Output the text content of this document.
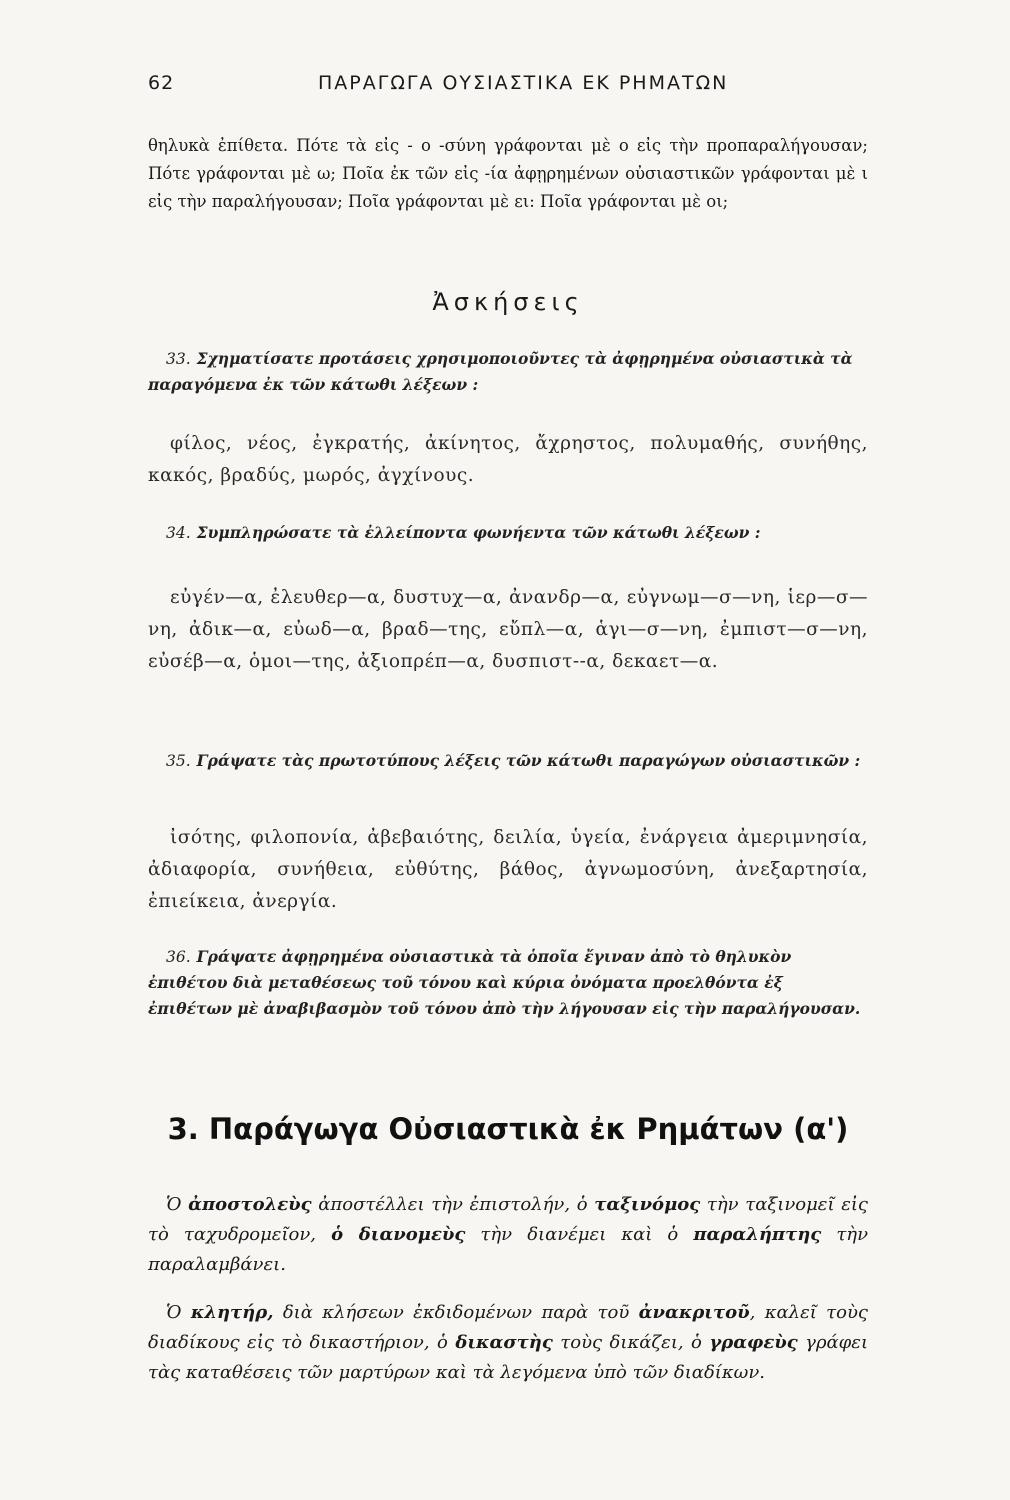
62	ΠΑΡΑΓΩΓΑ ΟΥΣΙΑΣΤΙΚΑ ΕΚ ΡΗΜΑΤΩΝ
θηλυκὰ ἐπίθετα. Πότε τὰ εἰς - ο -σύνη γράφονται μὲ ο εἰς τὴν προπαραλήγουσαν; Πότε γράφονται μὲ ω; Ποῖα ἐκ τῶν εἰς -ία ἀφῃρημένων οὐσιαστικῶν γράφονται μὲ ι εἰς τὴν παραλήγουσαν; Ποῖα γράφονται μὲ ει: Ποῖα γράφονται μὲ οι;
Ἀσκήσεις
33. Σχηματίσατε προτάσεις χρησιμοποιοῦντες τὰ ἀφῃρημένα οὐσιαστικὰ τὰ παραγόμενα ἐκ τῶν κάτωθι λέξεων :
φίλος, νέος, ἐγκρατής, ἀκίνητος, ἄχρηστος, πολυμαθής, συνήθης, κακός, βραδύς, μωρός, ἀγχίνους.
34. Συμπληρώσατε τὰ ἐλλείποντα φωνήεντα τῶν κάτωθι λέξεων :
εὐγέν—α, ἐλευθερ—α, δυστυχ—α, ἀνανδρ—α, εὐγνωμ—σ—νη, ἱερ—σ—νη, ἀδικ—α, εὐωδ—α, βραδ—της, εὔπλ—α, ἁγι—σ—νη, ἐμπιστ—σ—νη, εὐσέβ—α, ὁμοι—της, ἀξιοπρέπ—α, δυσπιστ--α, δεκαετ—α.
35. Γράψατε τὰς πρωτοτύπους λέξεις τῶν κάτωθι παραγώγων οὐσιαστικῶν :
ἰσότης, φιλοπονία, ἀβεβαιότης, δειλία, ὑγεία, ἐνάργεια ἀμεριμνησία, ἀδιαφορία, συνήθεια, εὐθύτης, βάθος, ἀγνωμοσύνη, ἀνεξαρτησία, ἐπιείκεια, ἀνεργία.
36. Γράψατε ἀφῃρημένα οὐσιαστικὰ τὰ ὁποῖα ἔγιναν ἀπὸ τὸ θηλυκὸν ἐπιθέτου διὰ μεταθέσεως τοῦ τόνου καὶ κύρια ὀνόματα προελθόντα ἐξ ἐπιθέτων μὲ ἀναβιβασμὸν τοῦ τόνου ἀπὸ τὴν λήγουσαν εἰς τὴν παραλήγουσαν.
3. Παράγωγα Οὐσιαστικὰ ἐκ Ρημάτων (α')
Ὁ ἀποστολεὺς ἀποστέλλει τὴν ἐπιστολήν, ὁ ταξινόμος τὴν ταξινομεῖ εἰς τὸ ταχυδρομεῖον, ὁ διανομεὺς τὴν διανέμει καὶ ὁ παραλήπτης τὴν παραλαμβάνει.
Ὁ κλητήρ, διὰ κλήσεων ἐκδιδομένων παρὰ τοῦ ἀνακριτοῦ, καλεῖ τοὺς διαδίκους εἰς τὸ δικαστήριον, ὁ δικαστὴς τοὺς δικάζει, ὁ γραφεὺς γράφει τὰς καταθέσεις τῶν μαρτύρων καὶ τὰ λεγόμενα ὑπὸ τῶν διαδίκων.
